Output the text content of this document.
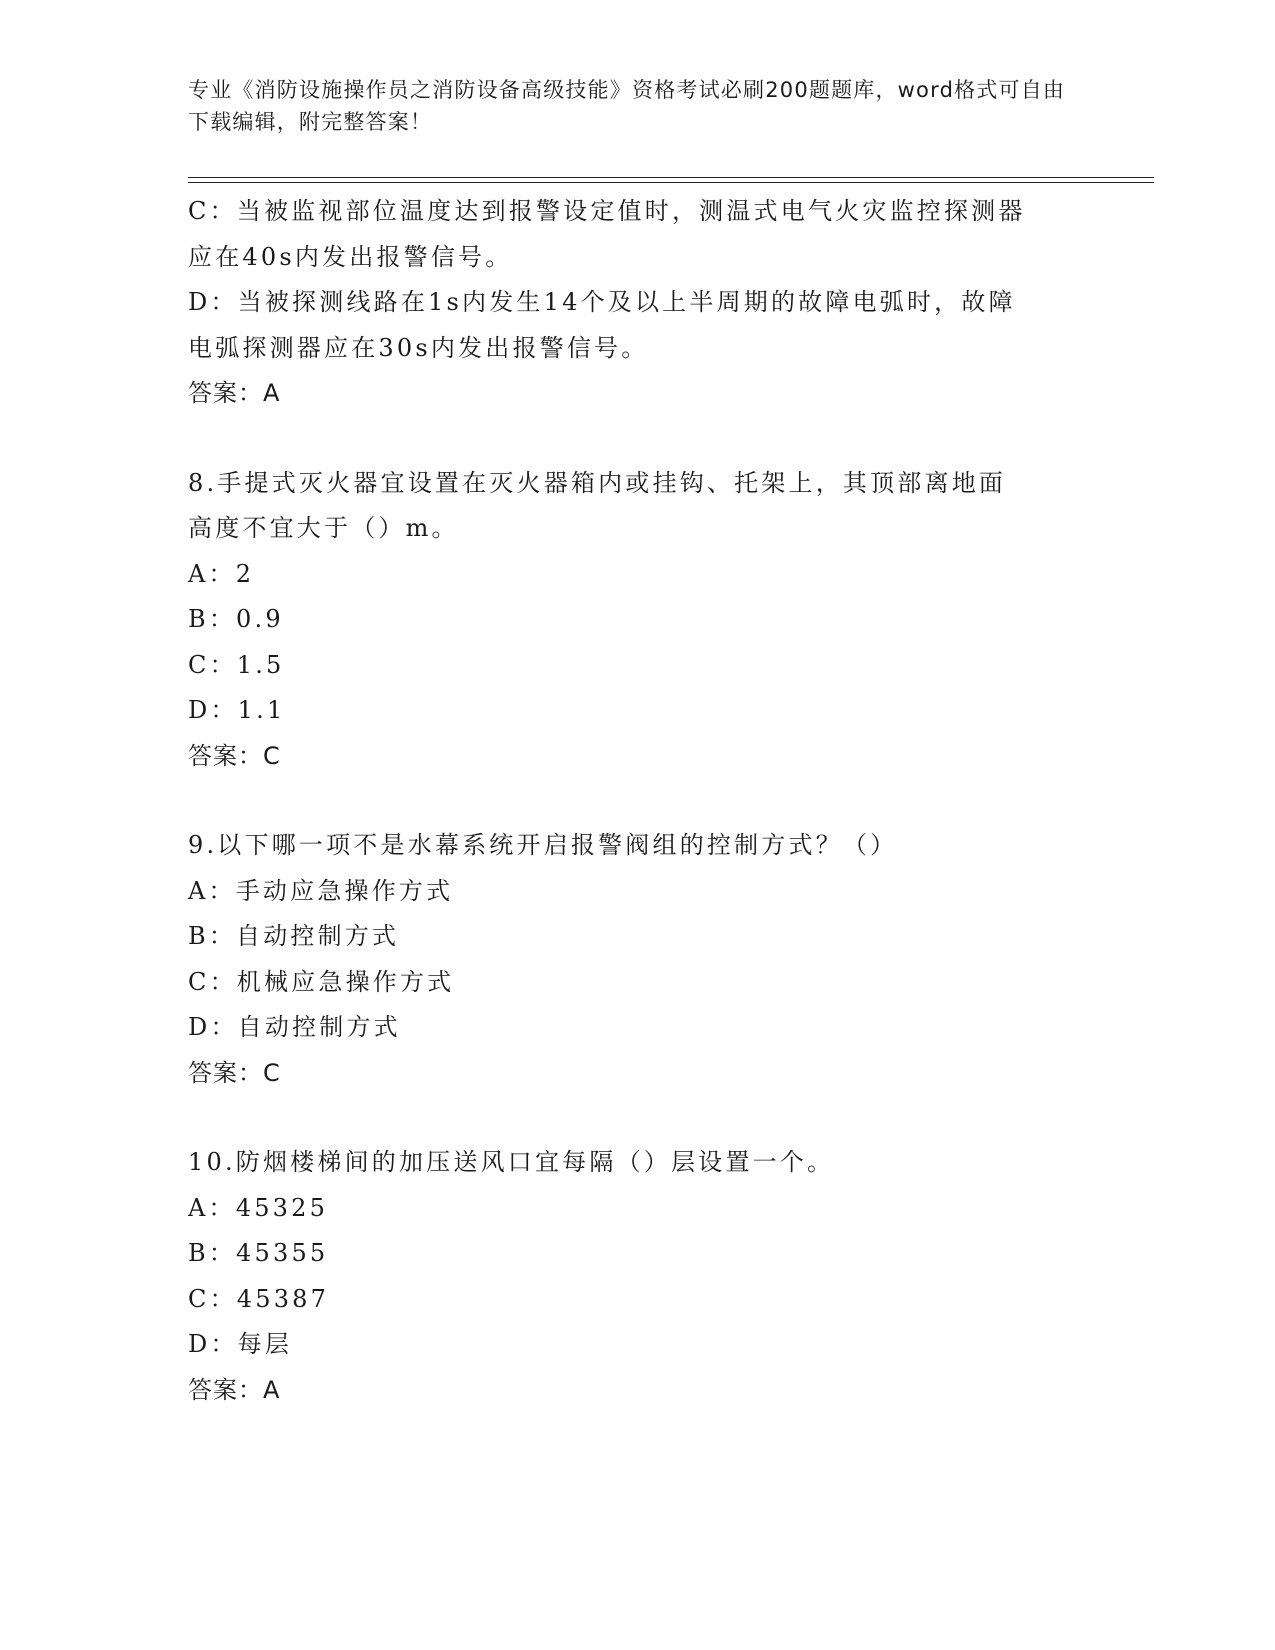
专业《消防设施操作员之消防设备高级技能》资格考试必刷200题题库，word格式可自由下载编辑，附完整答案！
C：当被监视部位温度达到报警设定值时，测温式电气火灾监控探测器
应在40s内发出报警信号。
D：当被探测线路在1s内发生14个及以上半周期的故障电弧时，故障
电弧探测器应在30s内发出报警信号。
答案：A
8.手提式灭火器宜设置在灭火器箱内或挂钩、托架上，其顶部离地面
高度不宜大于（）m。
A：2
B：0.9
C：1.5
D：1.1
答案：C
9.以下哪一项不是水幕系统开启报警阀组的控制方式？（）
A：手动应急操作方式
B：自动控制方式
C：机械应急操作方式
D：自动控制方式
答案：C
10.防烟楼梯间的加压送风口宜每隔（）层设置一个。
A：45325
B：45355
C：45387
D：每层
答案：A
